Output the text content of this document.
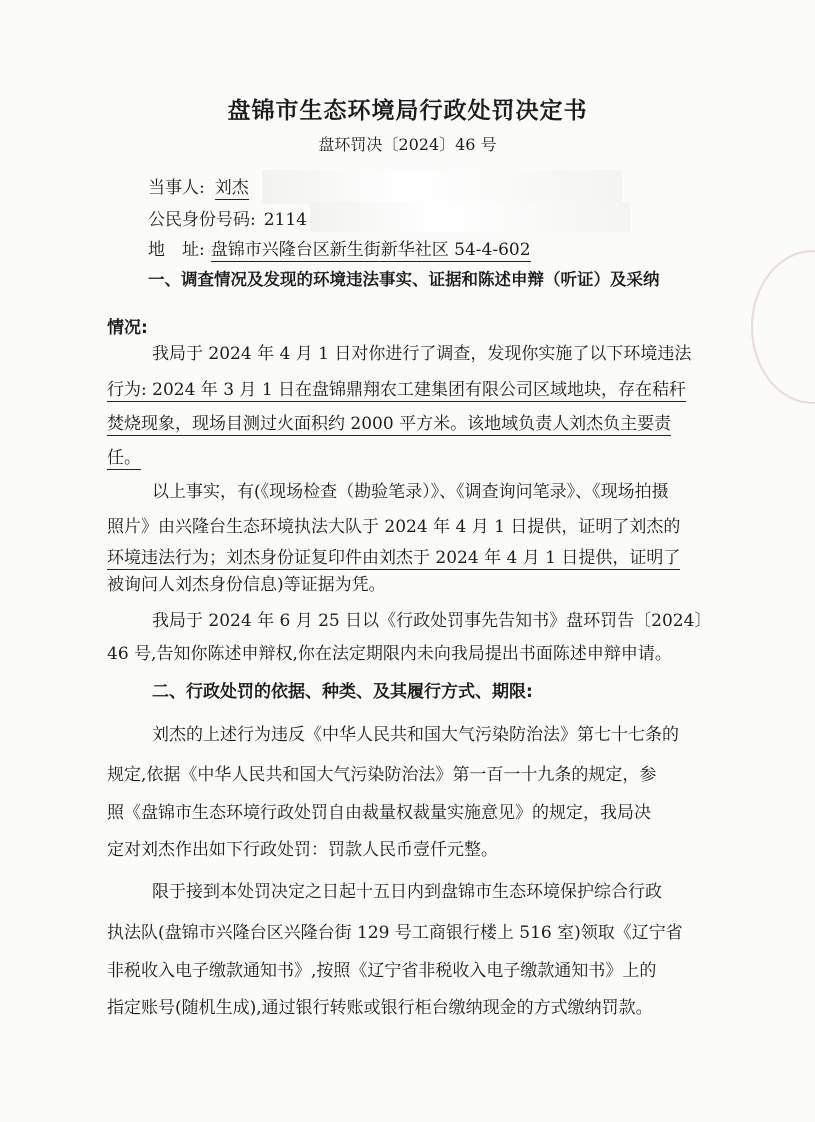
盘锦市生态环境局行政处罚决定书
盘环罚决〔2024〕46 号
当事人: 刘杰
公民身份号码: 2114
地　址: 盘锦市兴隆台区新生街新华社区 54-4-602
一、调查情况及发现的环境违法事实、证据和陈述申辩（听证）及采纳
情况:
我局于 2024 年 4 月 1 日对你进行了调查，发现你实施了以下环境违法
行为: 2024 年 3 月 1 日在盘锦鼎翔农工建集团有限公司区域地块，存在秸秆
焚烧现象，现场目测过火面积约 2000 平方米。该地域负责人刘杰负主要责
任。
以上事实，有(《现场检查（勘验笔录）》、《调查询问笔录》、《现场拍摄
照片》由兴隆台生态环境执法大队于 2024 年 4 月 1 日提供，证明了刘杰的
环境违法行为；刘杰身份证复印件由刘杰于 2024 年 4 月 1 日提供，证明了
被询问人刘杰身份信息)等证据为凭。
我局于 2024 年 6 月 25 日以《行政处罚事先告知书》盘环罚告〔2024〕
46 号,告知你陈述申辩权,你在法定期限内未向我局提出书面陈述申辩申请。
二、行政处罚的依据、种类、及其履行方式、期限:
刘杰的上述行为违反《中华人民共和国大气污染防治法》第七十七条的
规定,依据《中华人民共和国大气污染防治法》第一百一十九条的规定，参
照《盘锦市生态环境行政处罚自由裁量权裁量实施意见》的规定，我局决
定对刘杰作出如下行政处罚：罚款人民币壹仟元整。
限于接到本处罚决定之日起十五日内到盘锦市生态环境保护综合行政
执法队(盘锦市兴隆台区兴隆台街 129 号工商银行楼上 516 室)领取《辽宁省
非税收入电子缴款通知书》,按照《辽宁省非税收入电子缴款通知书》上的
指定账号(随机生成),通过银行转账或银行柜台缴纳现金的方式缴纳罚款。
